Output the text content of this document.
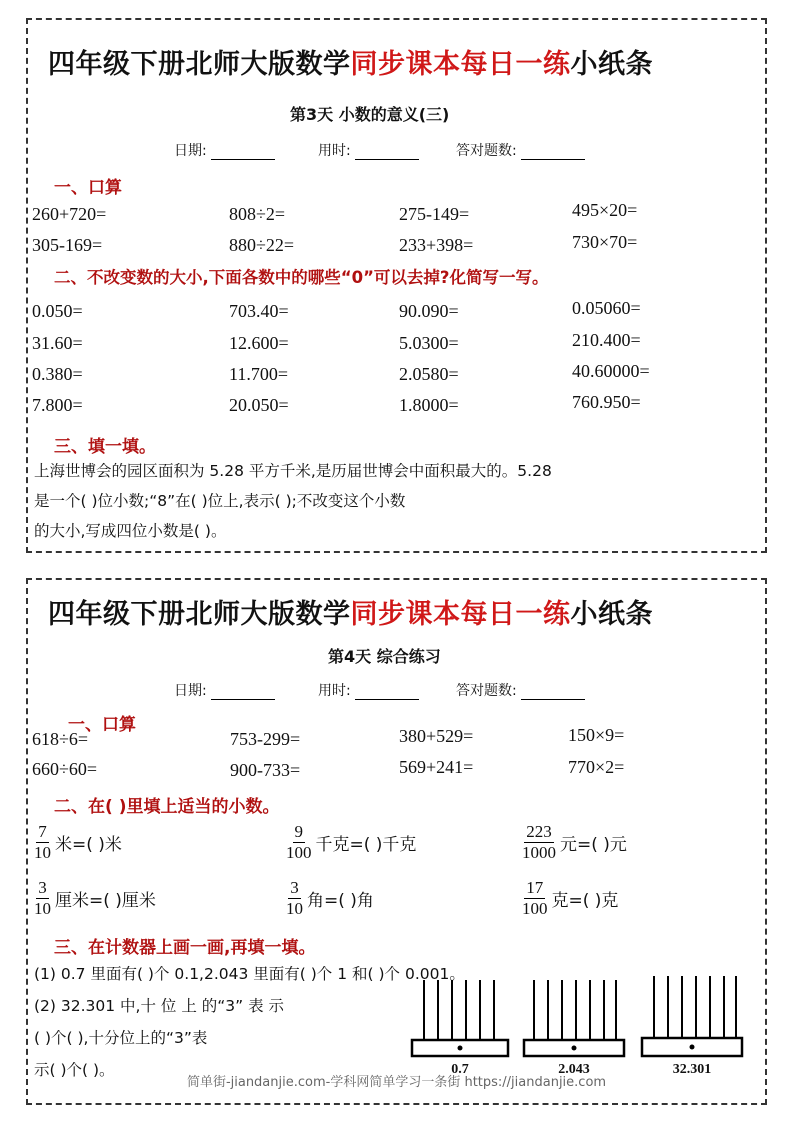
四年级下册北师大版数学同步课本每日一练小纸条
第3天 小数的意义(三)
日期:	用时:	答对题数:
一、口算
260+720=	808÷2=	275-149=	495×20=
305-169=	880÷22=	233+398=	730×70=
二、不改变数的大小,下面各数中的哪些“0”可以去掉?化简写一写。
0.050=	703.40=	90.090=	0.05060=
31.60=	12.600=	5.0300=	210.400=
0.380=	11.700=	2.0580=	40.60000=
7.800=	20.050=	1.8000=	760.950=
三、填一填。
上海世博会的园区面积为 5.28 平方千米,是历届世博会中面积最大的。5.28
是一个( )位小数;“8”在( )位上,表示( );不改变这个小数
的大小,写成四位小数是( )。
四年级下册北师大版数学同步课本每日一练小纸条
第4天 综合练习
日期:	用时:	答对题数:
一、口算
618÷6=	753-299=	380+529=	150×9=
660÷60=	900-733=	569+241=	770×2=
二、在( )里填上适当的小数。
$\frac{7}{10}$ 米=( )米	$\frac{9}{100}$ 千克=( )千克	$\frac{223}{1000}$ 元=( )元
$\frac{3}{10}$ 厘米=( )厘米	$\frac{3}{10}$ 角=( )角	$\frac{17}{100}$ 克=( )克
三、在计数器上画一画,再填一填。
(1) 0.7 里面有( )个 0.1,2.043 里面有( )个 1 和( )个 0.001。
(2) 32.301 中,十 位 上 的“3” 表 示
( )个( ),十分位上的“3”表
示( )个( )。	0.7	2.043	32.301
简单街-jiandanjie.com-学科网简单学习一条街 https://jiandanjie.com
